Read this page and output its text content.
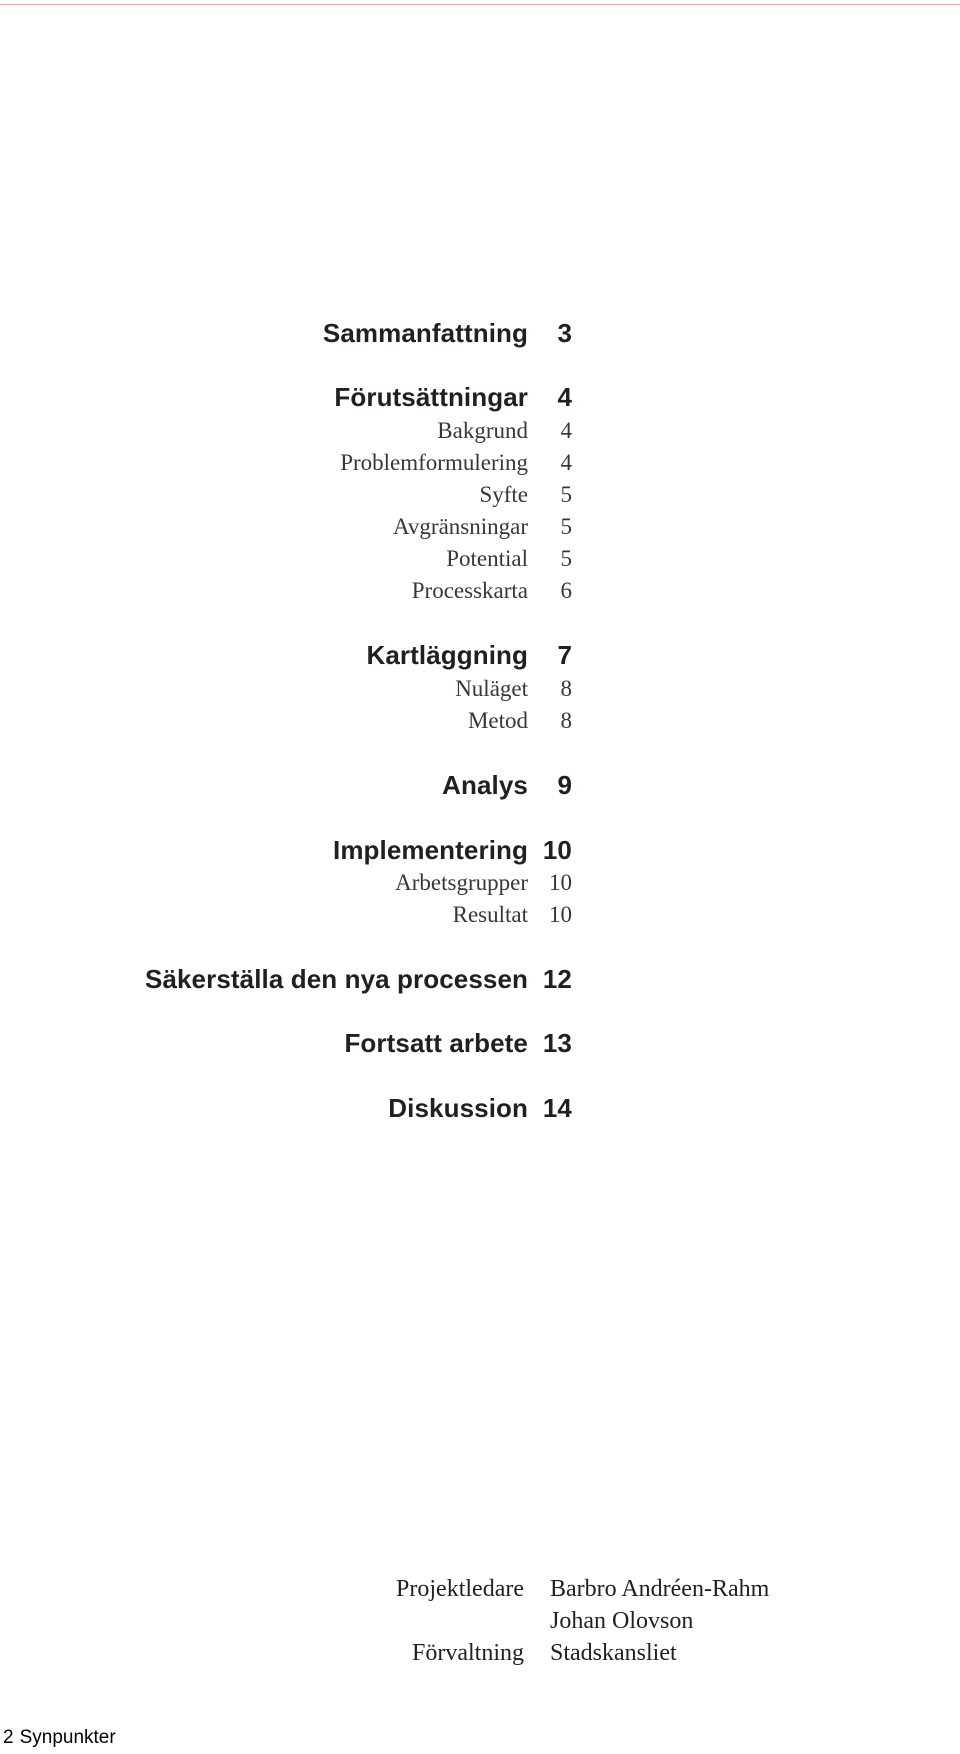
Sammanfattning	3
Förutsättningar	4
Bakgrund	4
Problemformulering	4
Syfte	5
Avgränsningar	5
Potential	5
Processkarta	6
Kartläggning	7
Nuläget	8
Metod	8
Analys	9
Implementering 10
Arbetsgrupper 10
Resultat 10
Säkerställa den nya processen 12
Fortsatt arbete 13
Diskussion 14
Projektledare Barbro Andréen-Rahm
Johan Olovson
Förvaltning Stadskansliet
2 Synpunkter
